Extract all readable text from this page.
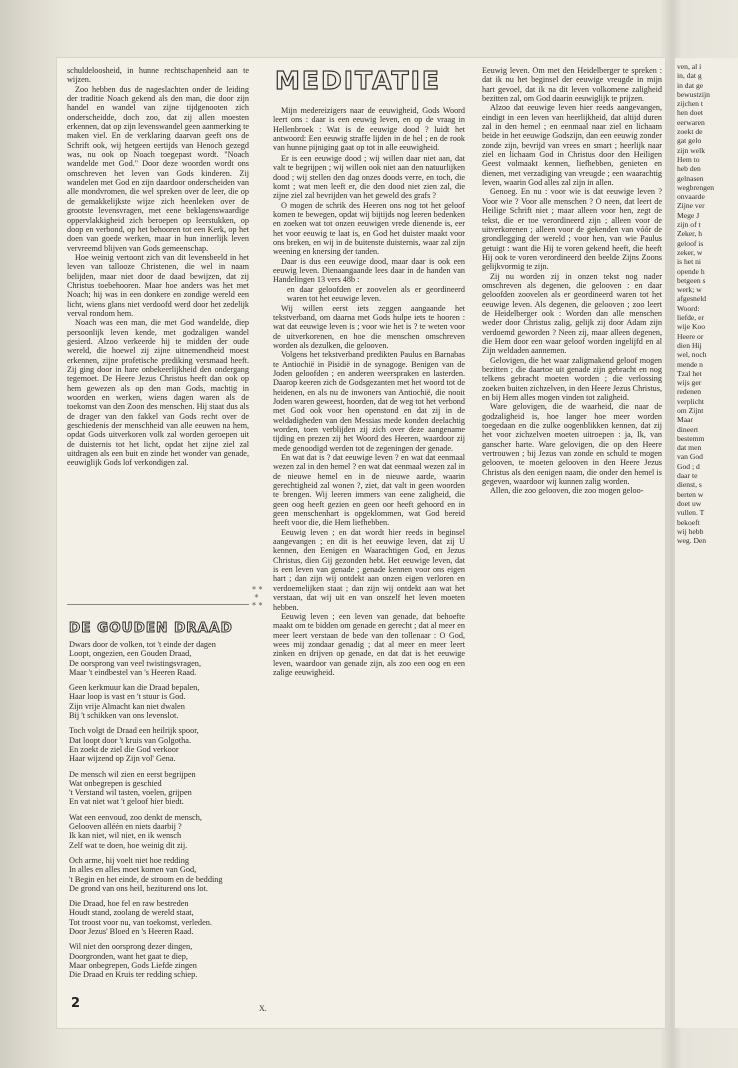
schuldeloosheid, in hunne rechtschapenheid aan te wijzen.

Zoo hebben dus de nageslachten onder de leiding der traditie Noach gekend als den man, die door zijn handel en wandel van zijne tijdgenooten zich onderscheidde, doch zoo, dat zij allen moesten erkennen, dat op zijn levenswandel geen aanmerking te maken viel. En de verklaring daarvan geeft ons de Schrift ook, wij hetgeen eertijds van Henoch gezegd was, nu ook op Noach toegepast wordt. "Noach wandelde met God." Door deze woorden wordt ons omschreven het leven van Gods kinderen. Zij wandelen met God en zijn daardoor onderscheiden van alle mondvromen, die wel spreken over de leer, die op de gemakkelijkste wijze zich heenleken over de grootste levensvragen, met eene beklagenswaardige oppervlakkigheid zich beroepen op leerstukken, op doop en verbond, op het behooren tot een Kerk, op het doen van goede werken, maar in hun innerlijk leven vervreemd blijven van Gods gemeenschap.

Hoe weinig vertoont zich van dit levensbeeld in het leven van tallooze Christenen, die wel in naam belijden, maar niet door de daad bewijzen, dat zij Christus toebehooren. Maar hoe anders was het met Noach; hij was in een donkere en zondige wereld een licht, wiens glans niet verdoofd werd door het zedelijk verval rondom hem.

Noach was een man, die met God wandelde, diep persoonlijk leven kende, met godzaligen wandel gesierd. Alzoo verkeerde hij te midden der oude wereld, die hoewel zij zijne uitnemendheid moest erkennen, zijne profetische prediking versmaad heeft. Zij ging door in hare onbekeerlijkheid den ondergang tegemoet. De Heere Jezus Christus heeft dan ook op hem gewezen als op den man Gods, machtig in woorden en werken, wiens dagen waren als de toekomst van den Zoon des menschen. Hij staat dus als de drager van den fakkel van Gods recht over de geschiedenis der menschheid van alle eeuwen na hem, opdat Gods uitverkoren volk zal worden geroepen uit de duisternis tot het licht, opdat het zijne ziel zal uitdragen als een buit en zinde het wonder van genade, eeuwiglijk Gods lof verkondigen zal.

* *
*
* *
DE GOUDEN DRAAD
Dwars door de volken, tot 't einde der dagen
Loopt, ongezien, een Gouden Draad,
De oorsprong van veel twistingsvragen,
Maar 't eindbestel van 's Heeren Raad.
Geen kerkmuur kan die Draad bepalen,
Haar loop is vast en 't stuur is God.
Zijn vrije Almacht kan niet dwalen
Bij 't schikken van ons levenslot.
Toch volgt de Draad een heilrijk spoor,
Dat loopt door 't kruis van Golgotha.
En zoekt de ziel die God verkoor
Haar wijzend op Zijn vol' Gena.
De mensch wil zien en eerst begrijpen
Wat onbegrepen is geschied
't Verstand wil tasten, voelen, grijpen
En vat niet wat 't geloof hier biedt.
Wat een eenvoud, zoo denkt de mensch,
Gelooven alléén en niets daarbij ?
Ik kan niet, wil niet, en ik wensch
Zelf wat te doen, hoe weinig dit zij.
Och arme, hij voelt niet hoe redding
In alles en alles moet komen van God,
't Begin en het einde, de stroom en de bedding
De grond van ons heil, beziturend ons lot.
Die Draad, hoe fel en raw bestreden
Houdt stand, zoolang de wereld staat,
Tot troost voor nu, van toekomst, verleden.
Door Jezus' Bloed en 's Heeren Raad.
Wil niet den oorsprong dezer dingen,
Doorgronden, want het gaat te diep,
Maar onbegrepen, Gods Liefde zingen
Die Draad en Kruis ter redding schiep.
2	X.
MEDITATIE

Mijn medereizigers naar de eeuwigheid, Gods Woord leert ons : daar is een eeuwig leven, en op de vraag in Hellenbroek : Wat is de eeuwige dood ? luidt het antwoord: Een eeuwig straffe lijden in de hel ; en de rook van hunne pijniging gaat op tot in alle eeuwigheid.

Er is een eeuwige dood ; wij willen daar niet aan, dat valt te begrijpen ; wij willen ook niet aan den natuurlijken dood ; wij stellen den dag onzes doods verre, en toch, die komt ; wat men leeft er, die den dood niet zien zal, die zijne ziel zal bevrijden van het geweld des grafs ?

O mogen de schrik des Heeren ons nog tot het geloof komen te bewegen, opdat wij bijtijds nog leeren bedenken en zoeken wat tot onzen eeuwigen vrede dienende is, eer het voor eeuwig te laat is, en God het duister maakt voor ons breken, en wij in de buitenste duisternis, waar zal zijn weening en knersing der tanden.

Daar is dus een eeuwige dood, maar daar is ook een eeuwig leven. Dienaangaande lees daar in de handen van Handelingen 13 vers 48b :

en daar geloofden er zoovelen als er geordineerd waren tot het eeuwige leven.

Wij willen eerst iets zeggen aangaande het tekstverband, om daarna met Gods hulpe iets te hooren : wat dat eeuwige leven is ; voor wie het is ? te weten voor de uitverkorenen, en hoe die menschen omschreven worden als dezulken, die gelooven.

Volgens het tekstverband predikten Paulus en Barnabas te Antiochië in Pisidië in de synagoge. Benigen van de Joden geloofden ; en anderen weerspraken en lasterden. Daarop keeren zich de Godsgezanten met het woord tot de heidenen, en als nu de inwoners van Antiochië, die nooit Joden waren geweest, hoorden, dat de weg tot het verbond met God ook voor hen openstond en dat zij in de weldadigheden van den Messias mede konden deelachtig worden, toen verblijden zij zich over deze aangename tijding en prezen zij het Woord des Heeren, waardoor zij mede genoodigd werden tot de zegeningen der genade.

En wat dat is ? dat eeuwige leven ? en wat dat eenmaal wezen zal in den hemel ? en wat dat eenmaal wezen zal in de nieuwe hemel en in de nieuwe aarde, waarin gerechtigheid zal wonen ?, ziet, dat valt in geen woorden te brengen. Wij leeren immers van eene zaligheid, die geen oog heeft gezien en geen oor heeft gehoord en in geen menschenhart is opgeklommen, wat God bereid heeft voor die, die Hem liefhebben.

Eeuwig leven ; en dat wordt hier reeds in beginsel aangevangen ; en dit is het eeuwige leven, dat zij U kennen, den Eenigen en Waarachtigen God, en Jezus Christus, dien Gij gezonden hebt. Het eeuwige leven, dat is een leven van genade ; genade kennen voor ons eigen hart ; dan zijn wij ontdekt aan onzen eigen verloren en verdoemelijken staat ; dan zijn wij ontdekt aan wat het verstaan, dat wij uit en van onszelf het leven moeten hebben.

Eeuwig leven ; een leven van genade, dat behoefte maakt om te bidden om genade en gerecht ; dat al meer en meer leert verstaan de bede van den tollenaar : O God, wees mij zondaar genadig ; dat al meer en meer leert zinken en drijven op genade, en dat dat is het eeuwige leven, waardoor van genade zijn, als zoo een oog en een zalige eeuwigheid.

Eeuwig leven. Om met den Heidelberger te spreken : dat ik nu het beginsel der eeuwige vreugde in mijn hart gevoel, dat ik na dit leven volkomene zaligheid bezitten zal, om God daarin eeuwiglijk te prijzen.

Alzoo dat eeuwige leven hier reeds aangevangen, eindigt in een leven van heerlijkheid, dat altijd duren zal in den hemel ; en eenmaal naar ziel en lichaam beide in het eeuwige Godszijn, dan een eeuwig zonder zonde zijn, bevrijd van vrees en smart ; heerlijk naar ziel en lichaam God in Christus door den Heiligen Geest volmaakt kennen, liefhebben, genieten en dienen, met verzadiging van vreugde ; een waarachtig leven, waarin God alles zal zijn in allen.

Genoeg. En nu : voor wie is dat eeuwige leven ? Voor wie ? Voor alle menschen ? O neen, dat leert de Heilige Schrift niet ; maar alleen voor hen, zegt de tekst, die er toe verordineerd zijn ; alleen voor de uitverkorenen ; alleen voor de gekenden van vóór de grondlegging der wereld ; voor hen, van wie Paulus getuigt : want die Hij te voren gekend heeft, die heeft Hij ook te voren verordineerd den beelde Zijns Zoons gelijkvormig te zijn.

Zij nu worden zij in onzen tekst nog nader omschreven als degenen, die gelooven : en daar geloofden zoovelen als er geordineerd waren tot het eeuwige leven. Als degenen, die gelooven ; zoo leert de Heidelberger ook : Worden dan alle menschen weder door Christus zalig, gelijk zij door Adam zijn verdoemd geworden ? Neen zij, maar alleen degenen, die Hem door een waar geloof worden ingelijfd en al Zijn weldaden aannemen.

Gelovigen, die het waar zaligmakend geloof mogen bezitten ; die daartoe uit genade zijn gebracht en nog telkens gebracht moeten worden ; die verlossing zoeken buiten zichzelven, in den Heere Jezus Christus, en bij Hem alles mogen vinden tot zaligheid.

Ware gelovigen, die de waarheid, die naar de godzaligheid is, hoe langer hoe meer worden toegedaan en die zulke oogenblikken kennen, dat zij het voor zichzelven moeten uitroepen : ja, Ik, van ganscher harte. Ware gelovigen, die op den Heere vertrouwen ; bij Jezus van zonde en schuld te mogen gelooven, te moeten gelooven in den Heere Jezus Christus als den eenigen naam, die onder den hemel is gegeven, waardoor wij kunnen zalig worden.

Allen, die zoo gelooven, die zoo mogen geloo-

ven, al i
in, dat g
in dat ge
bewustzijn
zijchen t
hen doet
eerwaren
zoekt de
gat gelo
zijn welk
Hem to
heb den
gelnasen
wegbrengen
onvaarde
Zijne ver
Mege J
zijn of t
Zeker, h
geloof is
zeker, w
is het ni
opende h
betgeen s
werk; w
afgesneld
Woord:
liefde, er
wije Koo
Heere or
dien Hij
wel, noch
mende n
Tzal het
wijs ger
redenen
verplicht
om Zijnt
Maar
dineert
bestemm
dat men
van God
God ; d
daar te
dienst, s
berten w
doet uw
vullen. T
bekoeft
wij hebb
weg. Den
